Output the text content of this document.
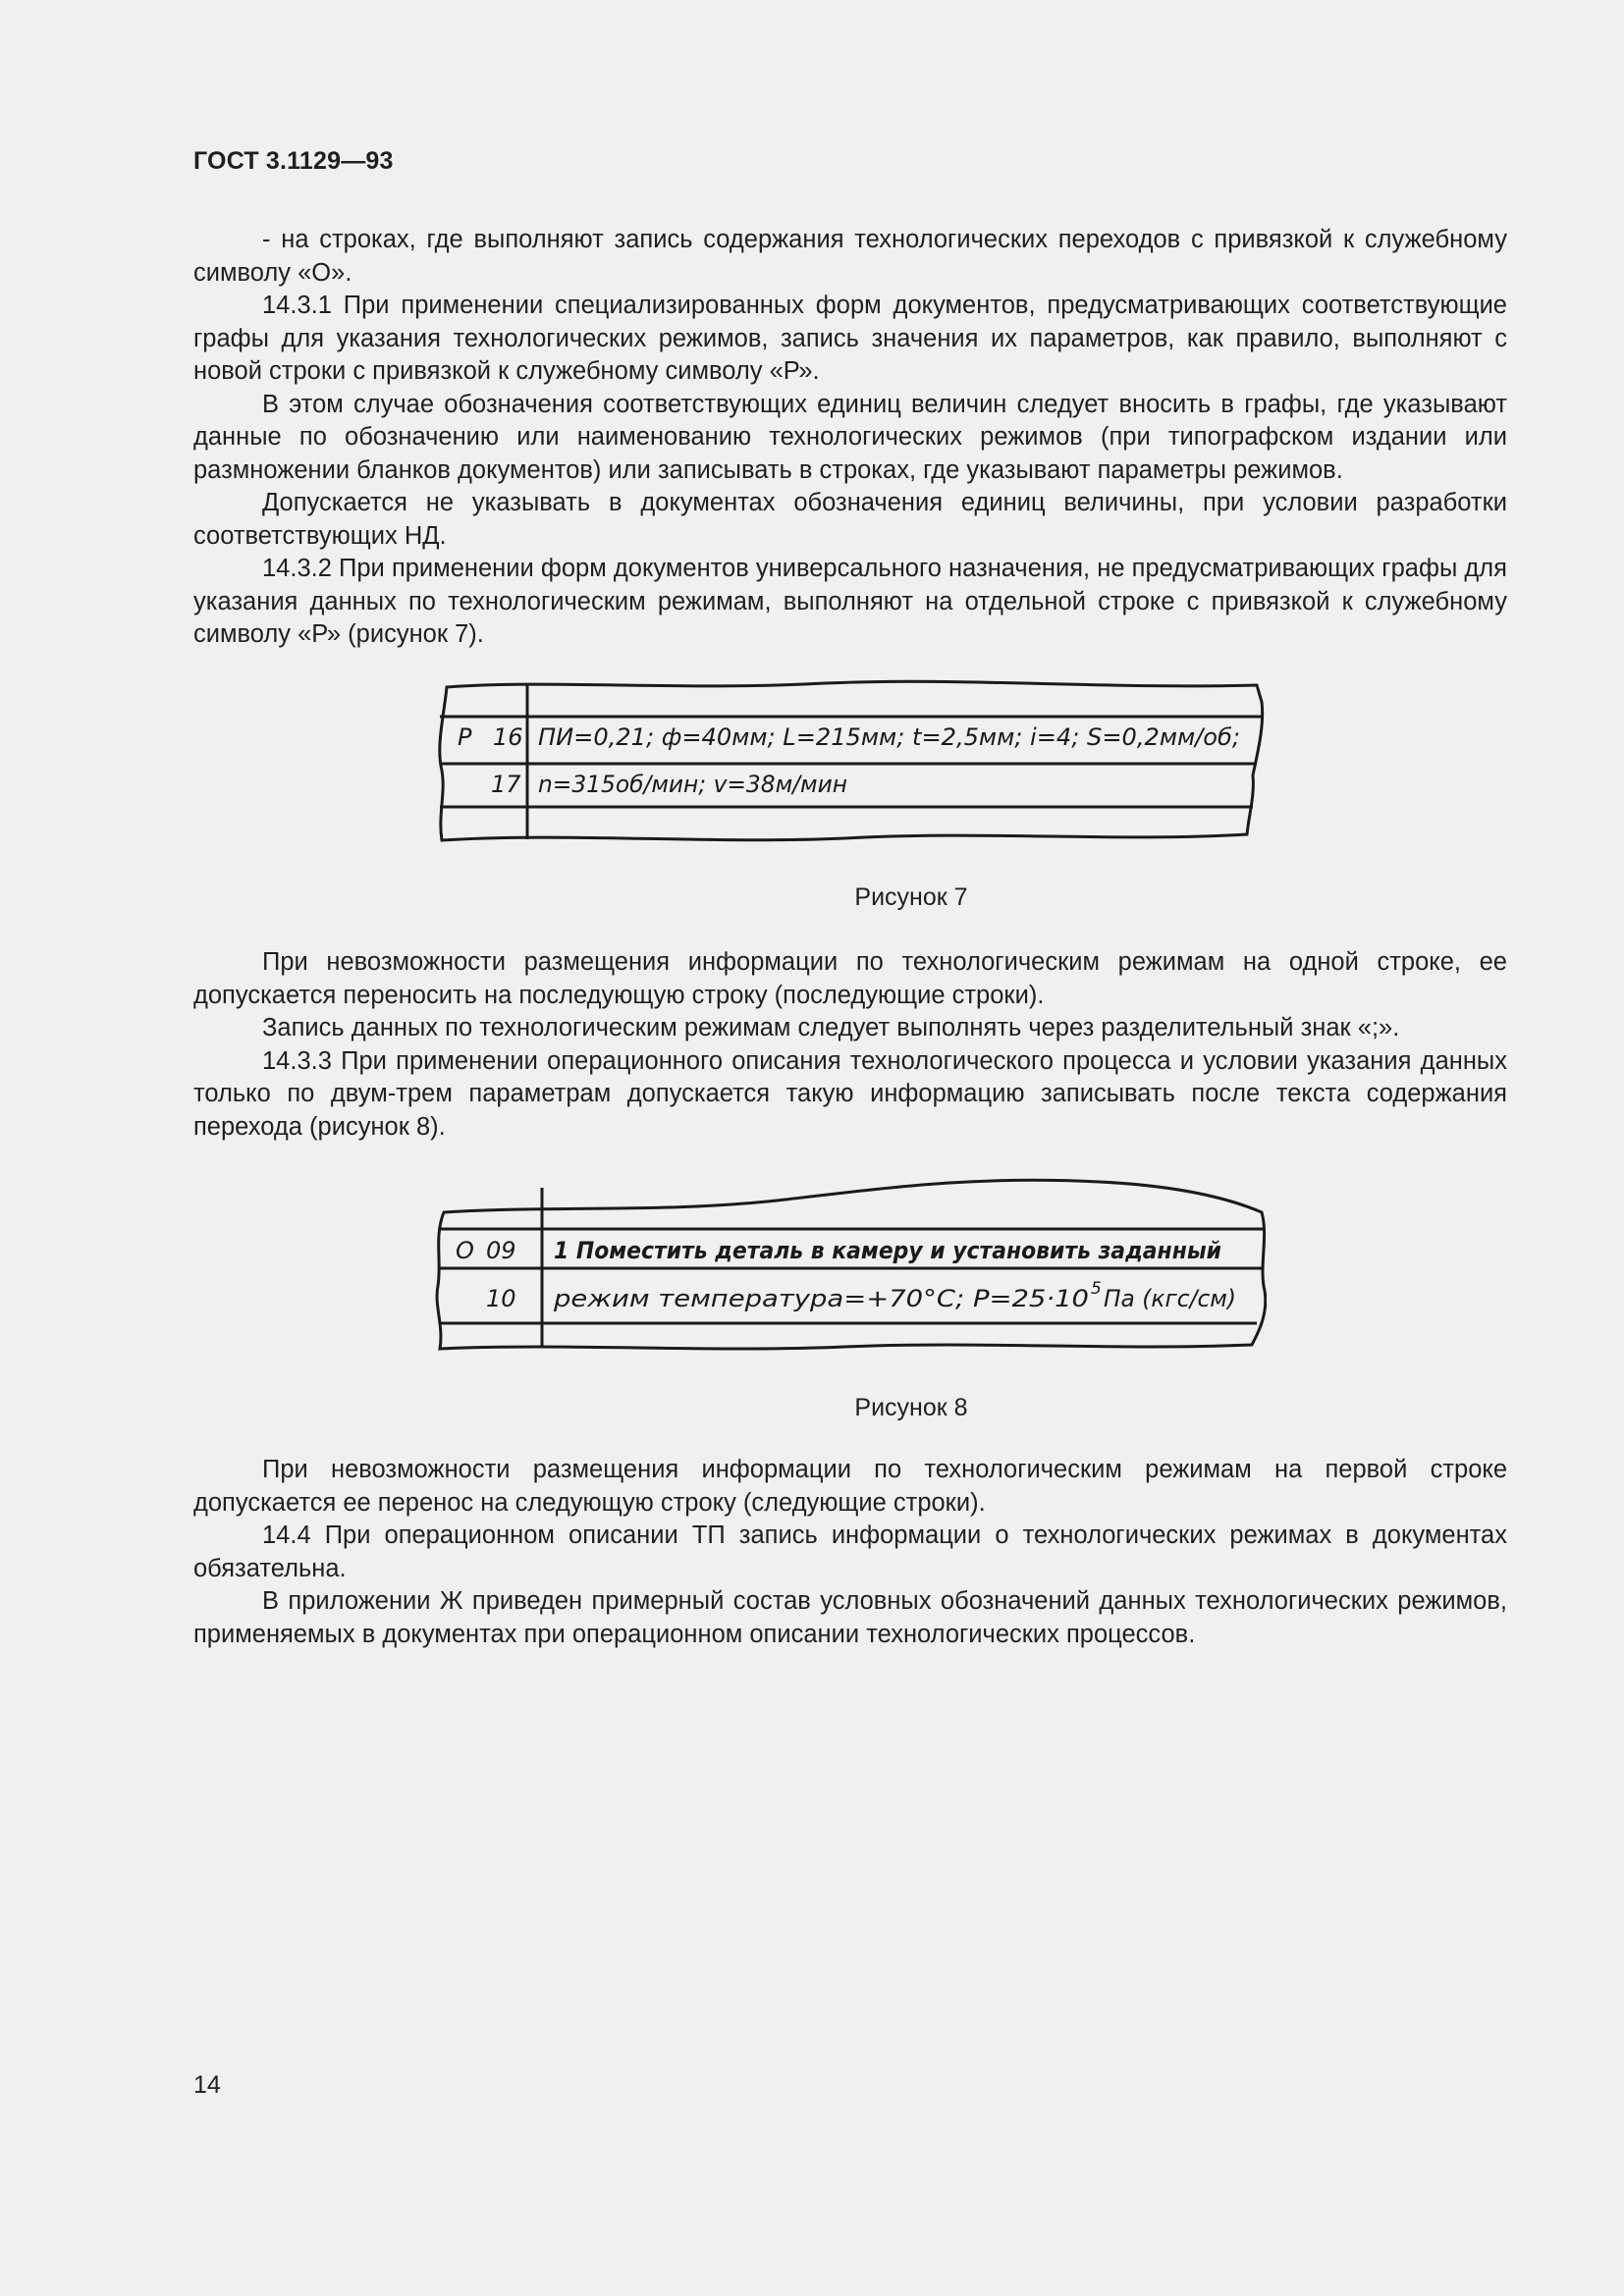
ГОСТ 3.1129—93

- на строках, где выполняют запись содержания технологических переходов с привязкой к служебному символу «О».

14.3.1 При применении специализированных форм документов, предусматривающих соответствующие графы для указания технологических режимов, запись значения их параметров, как правило, выполняют с новой строки с привязкой к служебному символу «Р».

В этом случае обозначения соответствующих единиц величин следует вносить в графы, где указывают данные по обозначению или наименованию технологических режимов (при типографском издании или размножении бланков документов) или записывать в строках, где указывают параметры режимов.

Допускается не указывать в документах обозначения единиц величины, при условии разработки соответствующих НД.

14.3.2 При применении форм документов универсального назначения, не предусматривающих графы для указания данных по технологическим режимам, выполняют на отдельной строке с привязкой к служебному символу «Р» (рисунок 7).

Р 16 ПИ=0,21; ф=40мм; L=215мм; t=2,5мм; i=4; S=0,2мм/об;
17 n=315об/мин; v=38м/мин
Рисунок 7

При невозможности размещения информации по технологическим режимам на одной строке, ее допускается переносить на последующую строку (последующие строки).

Запись данных по технологическим режимам следует выполнять через разделительный знак «;».

14.3.3 При применении операционного описания технологического процесса и условии указания данных только по двум-трем параметрам допускается такую информацию записывать после текста содержания перехода (рисунок 8).

О 09 1 Поместить деталь в камеру и установить заданный
10 режим температура=+70°С; Р=25·10 5 Па (кгс/см)
Рисунок 8

При невозможности размещения информации по технологическим режимам на первой строке допускается ее перенос на следующую строку (следующие строки).

14.4 При операционном описании ТП запись информации о технологических режимах в документах обязательна.

В приложении Ж приведен примерный состав условных обозначений данных технологических режимов, применяемых в документах при операционном описании технологических процессов.

14
